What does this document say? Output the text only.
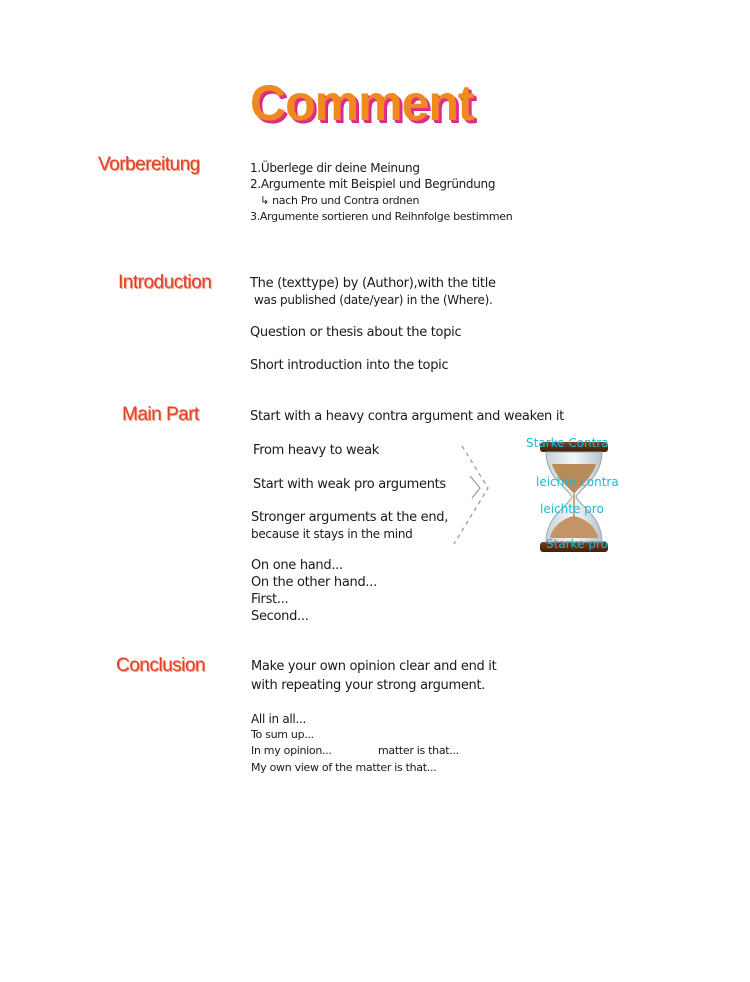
Comment
Vorbereitung	1.Überlege dir deine Meinung
2.Argumente mit Beispiel und Begründung
↳ nach Pro und Contra ordnen
3.Argumente sortieren und Reihnfolge bestimmen
Introduction	The (texttype) by (Author),with the title
was published (date/year) in the (Where).
Question or thesis about the topic
Short introduction into the topic
Main Part	Start with a heavy contra argument and weaken it
From heavy to weak
Start with weak pro arguments
Stronger arguments at the end,
because it stays in the mind
On one hand...
On the other hand...
First...
Second...
Starke Contra
leichte contra
leichte pro
Starke pro
Conclusion	Make your own opinion clear and end it
with repeating your strong argument.
All in all...
To sum up...
In my opinion...	matter is that...
My own view of the matter is that...
